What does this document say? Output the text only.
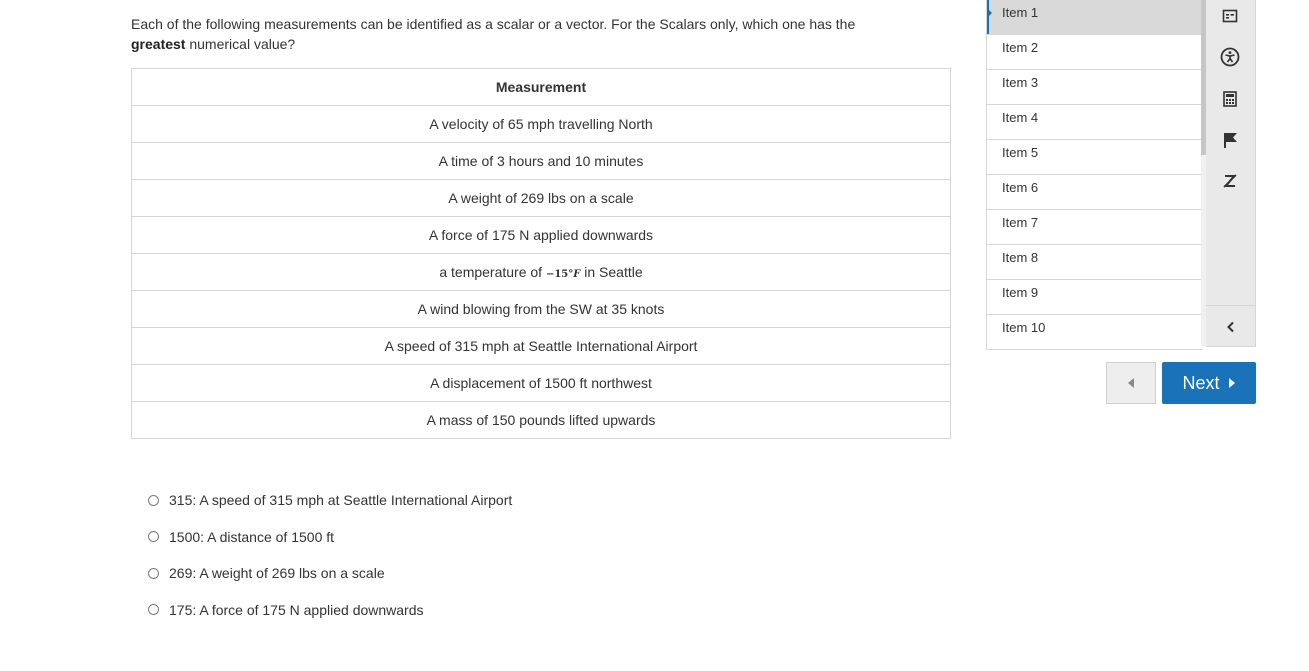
Each of the following measurements can be identified as a scalar or a vector. For the Scalars only, which one has the
greatest numerical value?
Measurement
A velocity of 65 mph travelling North
A time of 3 hours and 10 minutes
A weight of 269 lbs on a scale
A force of 175 N applied downwards
a temperature of −15°F in Seattle
A wind blowing from the SW at 35 knots
A speed of 315 mph at Seattle International Airport
A displacement of 1500 ft northwest
A mass of 150 pounds lifted upwards
315: A speed of 315 mph at Seattle International Airport
1500: A distance of 1500 ft
269: A weight of 269 lbs on a scale
175: A force of 175 N applied downwards
Item 1
Item 2
Item 3
Item 4
Item 5
Item 6
Item 7
Item 8
Item 9
Item 10
Next
